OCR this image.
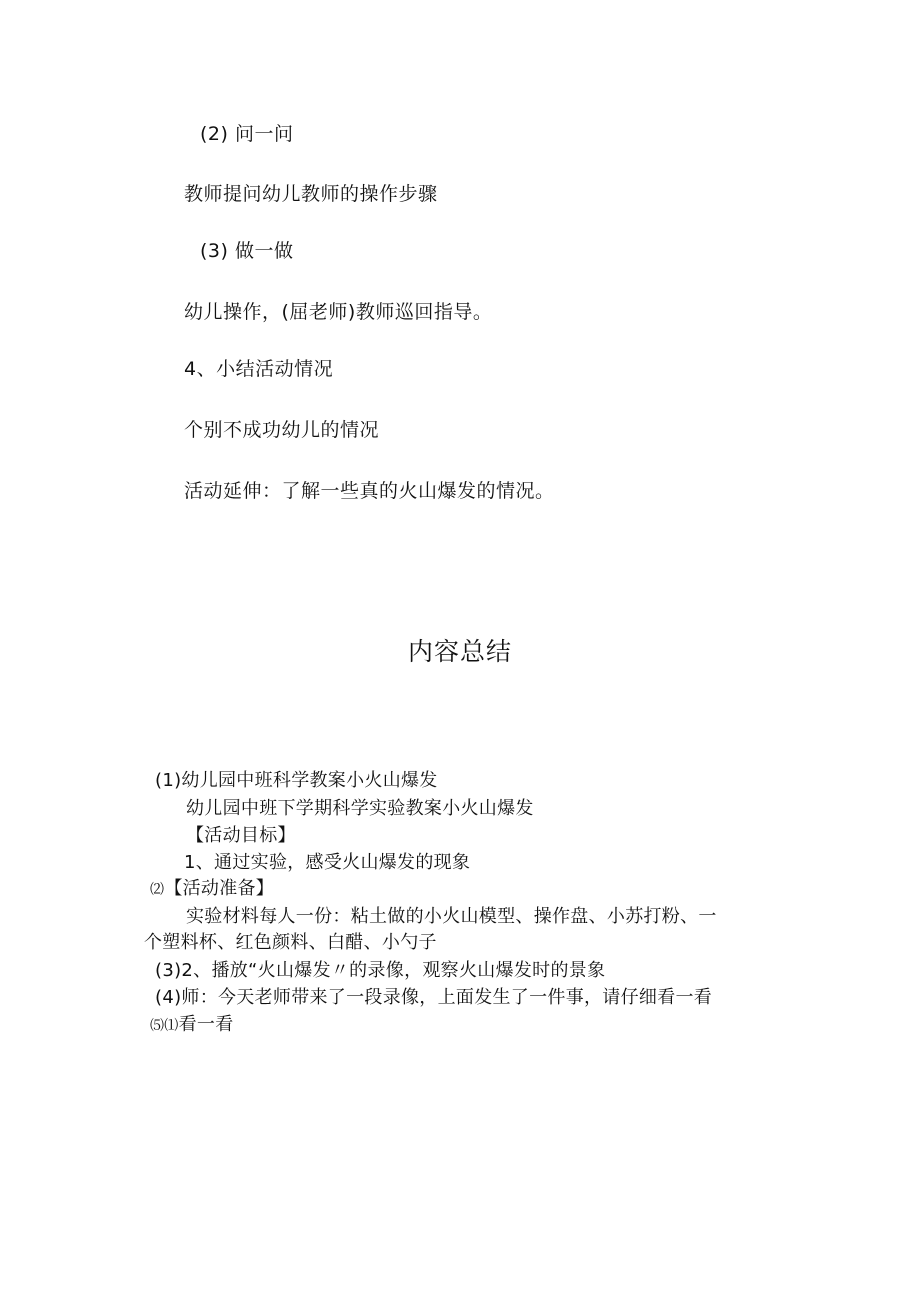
(2) 问一问
教师提问幼儿教师的操作步骤
(3) 做一做
幼儿操作，(屈老师)教师巡回指导。
4、小结活动情况
个别不成功幼儿的情况
活动延伸：了解一些真的火山爆发的情况。
内容总结
(1)幼儿园中班科学教案小火山爆发
幼儿园中班下学期科学实验教案小火山爆发
【活动目标】
1、通过实验，感受火山爆发的现象
⑵【活动准备】
实验材料每人一份：粘土做的小火山模型、操作盘、小苏打粉、一
个塑料杯、红色颜料、白醋、小勺子
(3)2、播放“火山爆发〃的录像，观察火山爆发时的景象
(4)师：今天老师带来了一段录像，上面发生了一件事，请仔细看一看
⑸⑴看一看
